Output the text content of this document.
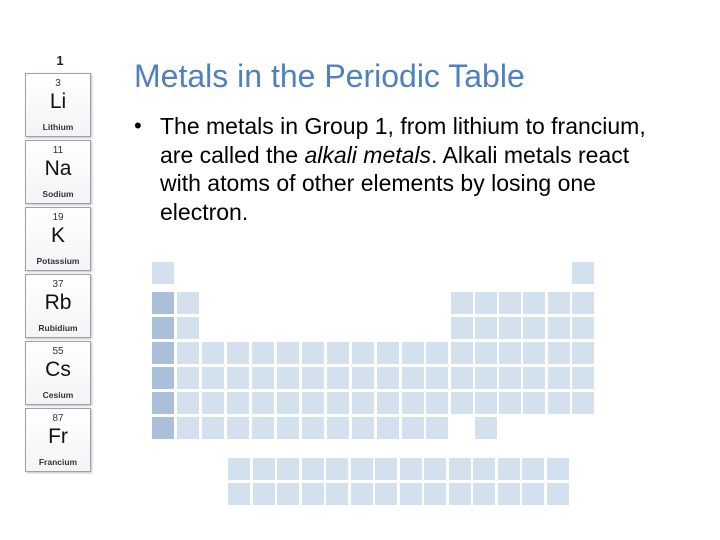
1
3
Li
Lithium
11
Na
Sodium
19
K
Potassium
37
Rb
Rubidium
55
Cs
Cesium
87
Fr
Francium
Metals in the Periodic Table
• The metals in Group 1, from lithium to francium, are called the alkali metals. Alkali metals react with atoms of other elements by losing one electron.
